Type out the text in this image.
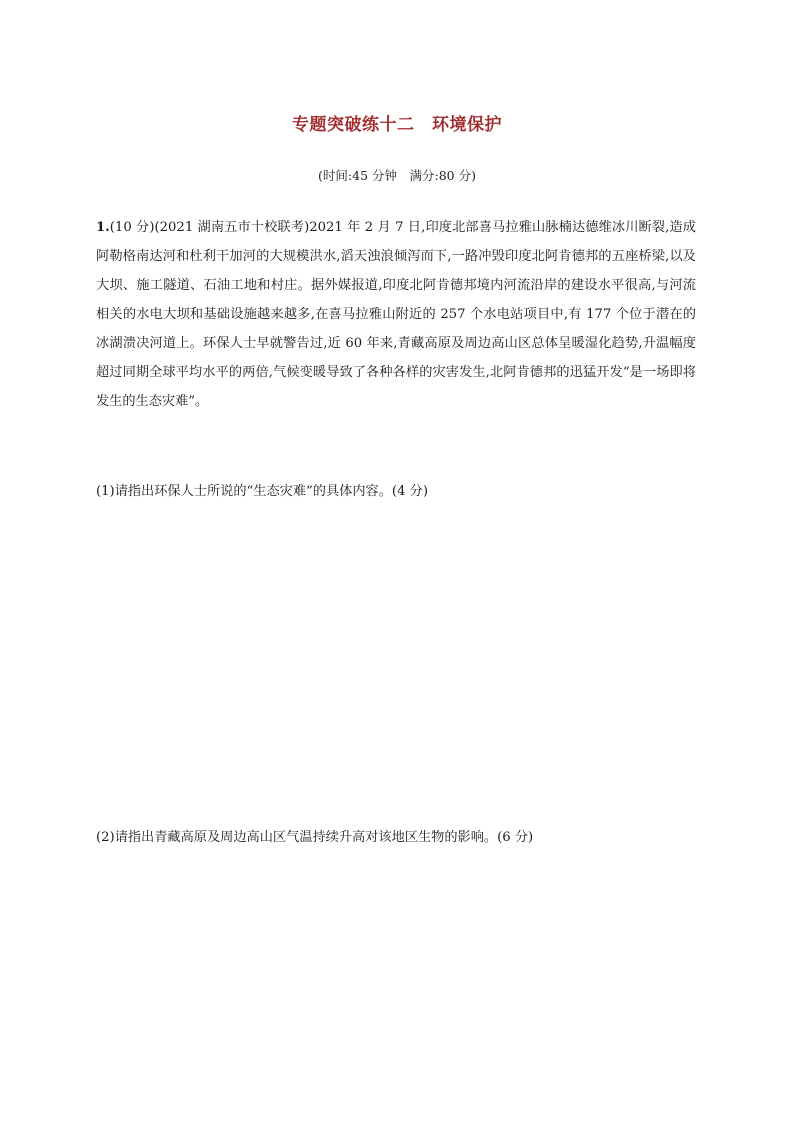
专题突破练十二　环境保护
(时间:45 分钟　满分:80 分)
1.(10 分)(2021 湖南五市十校联考)2021 年 2 月 7 日,印度北部喜马拉雅山脉楠达德维冰川断裂,造成阿勒格南达河和杜利干加河的大规模洪水,滔天浊浪倾泻而下,一路冲毁印度北阿肯德邦的五座桥梁,以及大坝、施工隧道、石油工地和村庄。据外媒报道,印度北阿肯德邦境内河流沿岸的建设水平很高,与河流相关的水电大坝和基础设施越来越多,在喜马拉雅山附近的 257 个水电站项目中,有 177 个位于潜在的冰湖溃决河道上。环保人士早就警告过,近 60 年来,青藏高原及周边高山区总体呈暖湿化趋势,升温幅度超过同期全球平均水平的两倍,气候变暖导致了各种各样的灾害发生,北阿肯德邦的迅猛开发“是一场即将发生的生态灾难”。
(1)请指出环保人士所说的“生态灾难”的具体内容。(4 分)
(2)请指出青藏高原及周边高山区气温持续升高对该地区生物的影响。(6 分)
